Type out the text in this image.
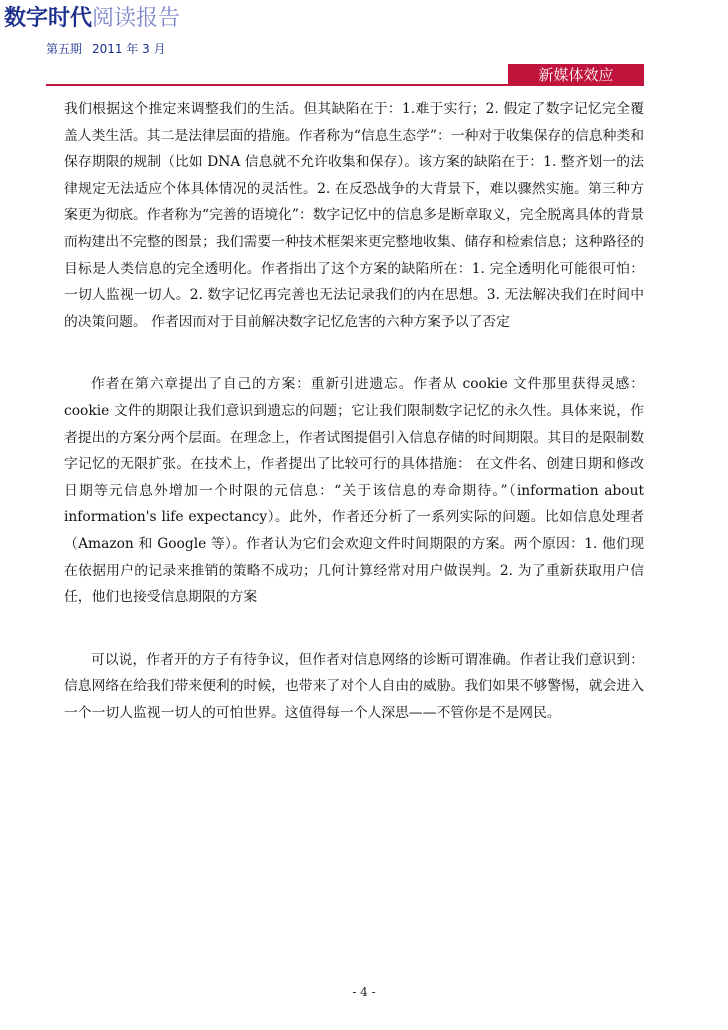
数字时代阅读报告
第五期 2011 年 3 月
新媒体效应

我们根据这个推定来调整我们的生活。但其缺陷在于：1.难于实行；2. 假定了数字记忆完全覆盖人类生活。其二是法律层面的措施。作者称为“信息生态学”：一种对于收集保存的信息种类和保存期限的规制（比如 DNA 信息就不允许收集和保存）。该方案的缺陷在于：1. 整齐划一的法律规定无法适应个体具体情况的灵活性。2. 在反恐战争的大背景下，难以骤然实施。第三种方案更为彻底。作者称为“完善的语境化”：数字记忆中的信息多是断章取义，完全脱离具体的背景而构建出不完整的图景；我们需要一种技术框架来更完整地收集、储存和检索信息；这种路径的目标是人类信息的完全透明化。作者指出了这个方案的缺陷所在：1. 完全透明化可能很可怕：一切人监视一切人。2. 数字记忆再完善也无法记录我们的内在思想。3. 无法解决我们在时间中的决策问题。 作者因而对于目前解决数字记忆危害的六种方案予以了否定

作者在第六章提出了自己的方案：重新引进遗忘。作者从 cookie 文件那里获得灵感：cookie 文件的期限让我们意识到遗忘的问题；它让我们限制数字记忆的永久性。具体来说，作者提出的方案分两个层面。在理念上，作者试图提倡引入信息存储的时间期限。其目的是限制数字记忆的无限扩张。在技术上，作者提出了比较可行的具体措施： 在文件名、创建日期和修改日期等元信息外增加一个时限的元信息：“关于该信息的寿命期待。”（information about information's life expectancy）。此外，作者还分析了一系列实际的问题。比如信息处理者（Amazon 和 Google 等）。作者认为它们会欢迎文件时间期限的方案。两个原因：1. 他们现在依据用户的记录来推销的策略不成功；几何计算经常对用户做误判。2. 为了重新获取用户信任，他们也接受信息期限的方案

可以说，作者开的方子有待争议，但作者对信息网络的诊断可谓准确。作者让我们意识到：信息网络在给我们带来便利的时候，也带来了对个人自由的威胁。我们如果不够警惕，就会进入一个一切人监视一切人的可怕世界。这值得每一个人深思——不管你是不是网民。

- 4 -
